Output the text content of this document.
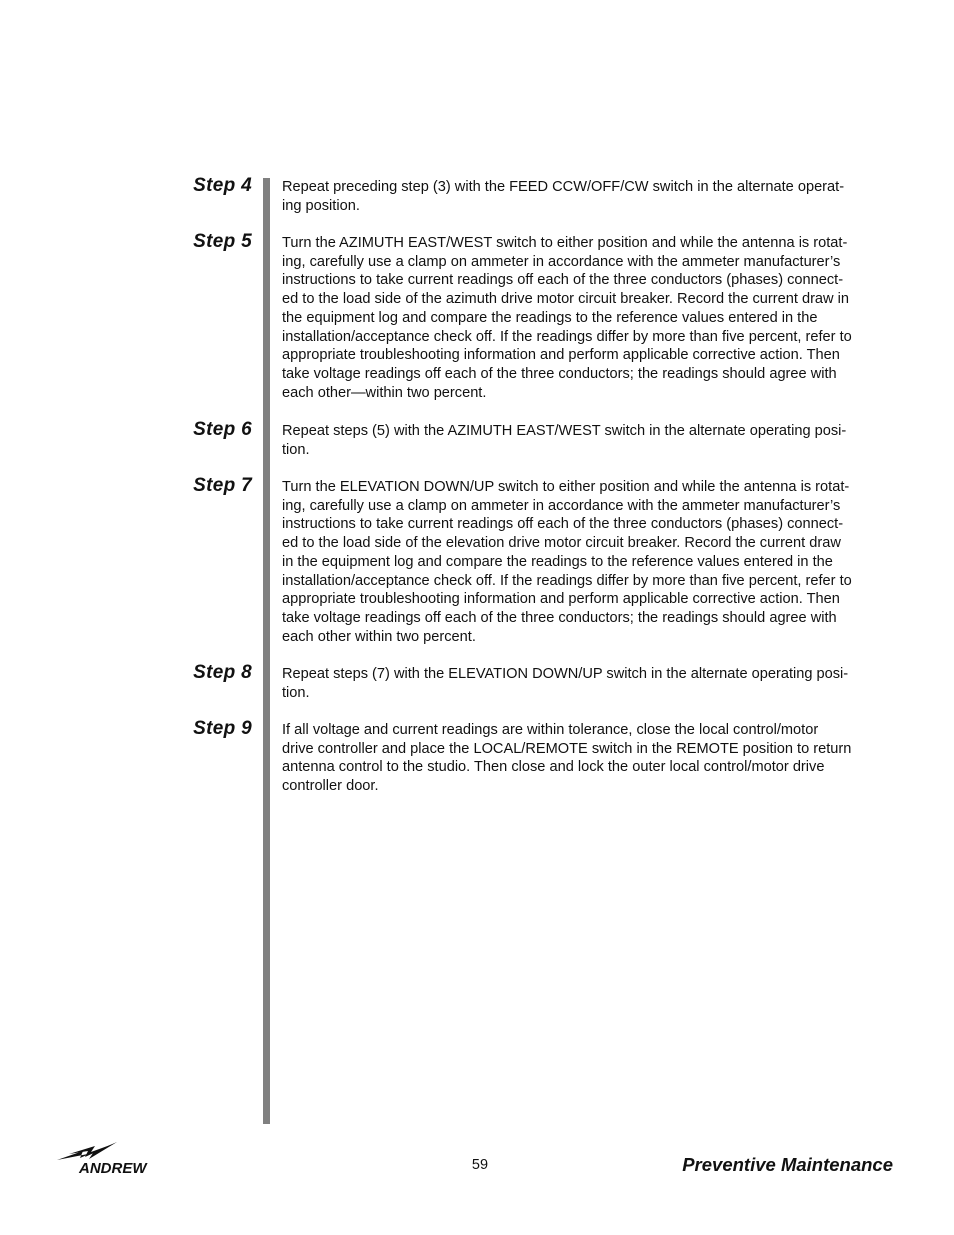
Step 4 Repeat preceding step (3) with the FEED CCW/OFF/CW switch in the alternate operat-
ing position.
Step 5 Turn the AZIMUTH EAST/WEST switch to either position and while the antenna is rotat-
ing, carefully use a clamp on ammeter in accordance with the ammeter manufacturer’s
instructions to take current readings off each of the three conductors (phases) connect-
ed to the load side of the azimuth drive motor circuit breaker. Record the current draw in
the equipment log and compare the readings to the reference values entered in the
installation/acceptance check off. If the readings differ by more than five percent, refer to
appropriate troubleshooting information and perform applicable corrective action. Then
take voltage readings off each of the three conductors; the readings should agree with
each other—within two percent.
Step 6 Repeat steps (5) with the AZIMUTH EAST/WEST switch in the alternate operating posi-
tion.
Step 7 Turn the ELEVATION DOWN/UP switch to either position and while the antenna is rotat-
ing, carefully use a clamp on ammeter in accordance with the ammeter manufacturer’s
instructions to take current readings off each of the three conductors (phases) connect-
ed to the load side of the elevation drive motor circuit breaker. Record the current draw
in the equipment log and compare the readings to the reference values entered in the
installation/acceptance check off. If the readings differ by more than five percent, refer to
appropriate troubleshooting information and perform applicable corrective action. Then
take voltage readings off each of the three conductors; the readings should agree with
each other within two percent.
Step 8 Repeat steps (7) with the ELEVATION DOWN/UP switch in the alternate operating posi-
tion.
Step 9 If all voltage and current readings are within tolerance, close the local control/motor
drive controller and place the LOCAL/REMOTE switch in the REMOTE position to return
antenna control to the studio. Then close and lock the outer local control/motor drive
controller door.
ANDREW	59	Preventive Maintenance
